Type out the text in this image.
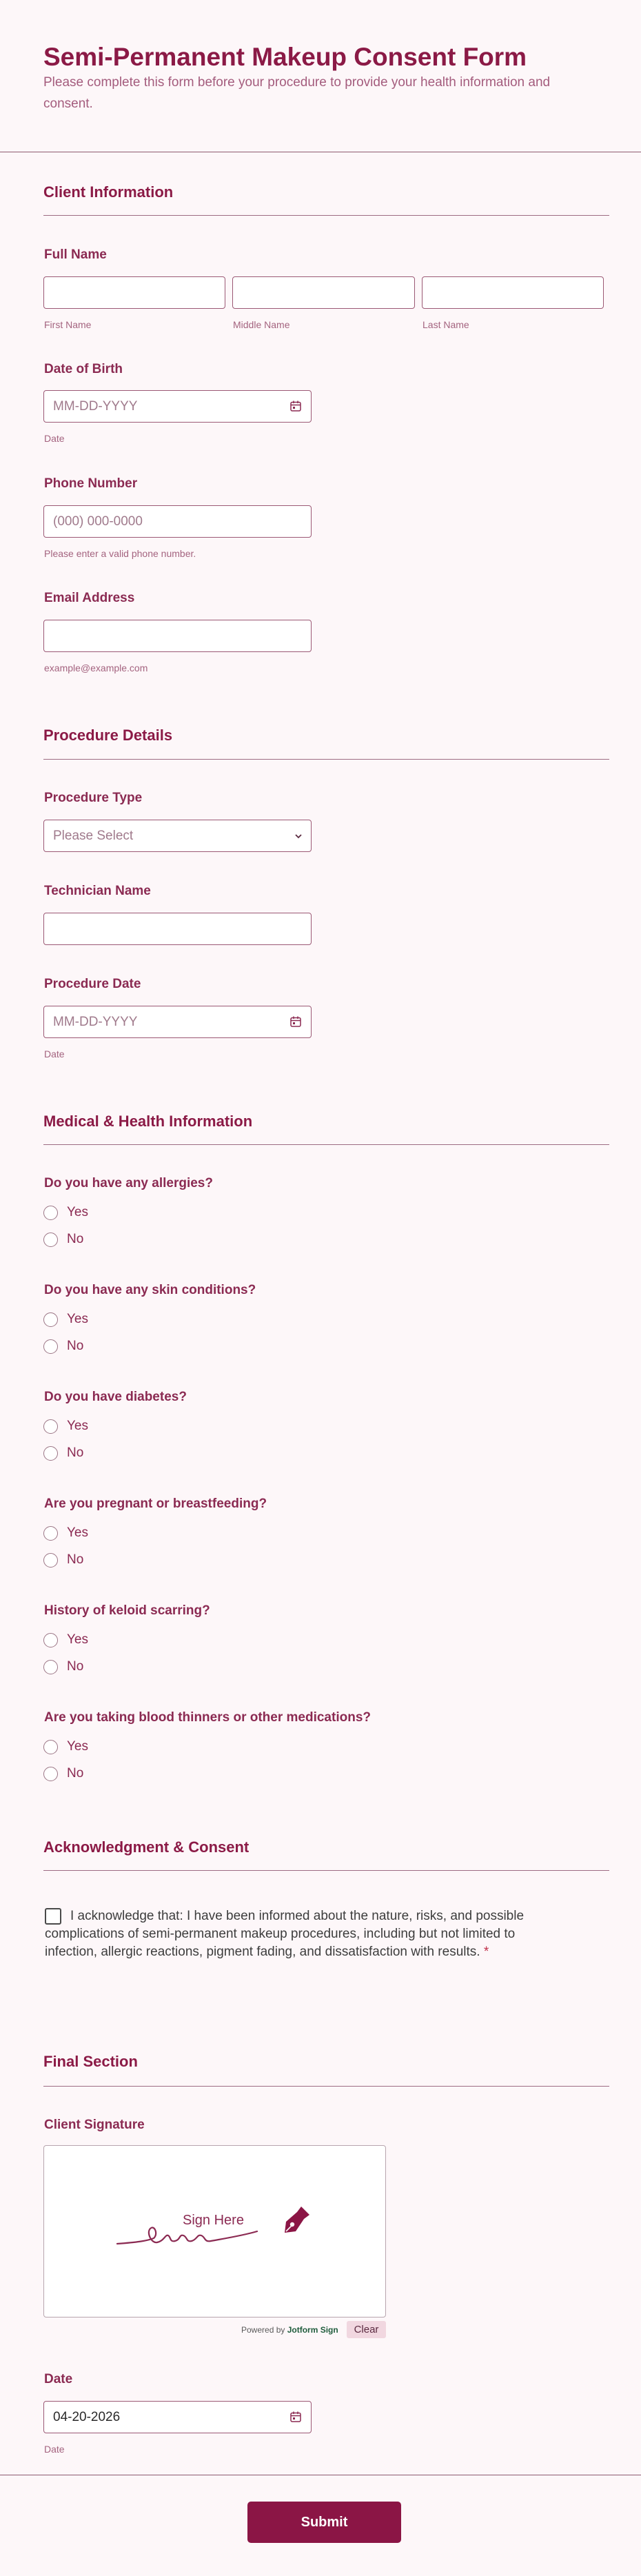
Semi-Permanent Makeup Consent Form
Please complete this form before your procedure to provide your health information and consent.
Client Information
Full Name
First Name	Middle Name	Last Name
Date of Birth
MM-DD-YYYY
Date
Phone Number
(000) 000-0000
Please enter a valid phone number.
Email Address
example@example.com
Procedure Details
Procedure Type
Please Select
Technician Name
Procedure Date
MM-DD-YYYY
Date
Medical & Health Information
Do you have any allergies?
Yes
No
Do you have any skin conditions?
Yes
No
Do you have diabetes?
Yes
No
Are you pregnant or breastfeeding?
Yes
No
History of keloid scarring?
Yes
No
Are you taking blood thinners or other medications?
Yes
No
Acknowledgment & Consent
I acknowledge that: I have been informed about the nature, risks, and possible complications of semi-permanent makeup procedures, including but not limited to infection, allergic reactions, pigment fading, and dissatisfaction with results. *
Final Section
Client Signature
Sign Here
Powered by Jotform Sign	Clear
Date
04-20-2026
Date
Submit
